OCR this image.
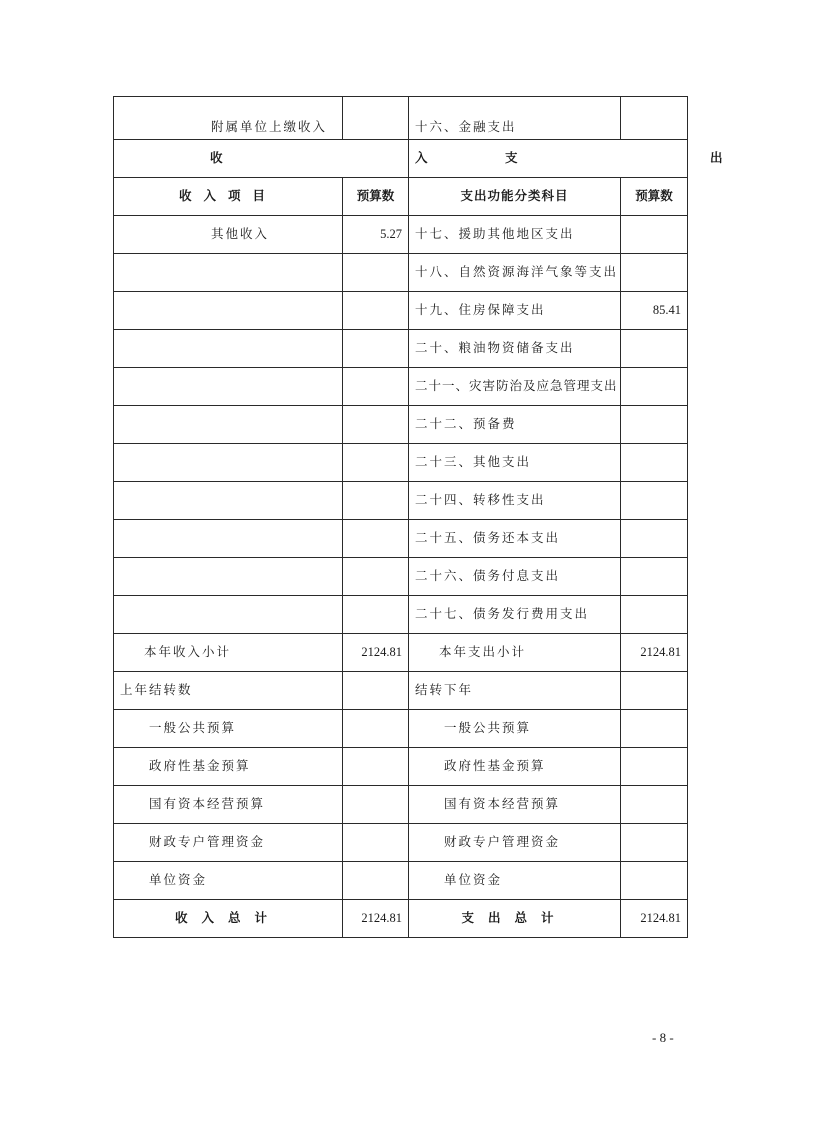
附属单位上缴收入		十六、金融支出	
收　入		支　出	
收入项目	预算数	支出功能分类科目	预算数
其他收入	5.27	十七、援助其他地区支出	
		十八、自然资源海洋气象等支出	
		十九、住房保障支出	85.41
		二十、粮油物资储备支出	
		二十一、灾害防治及应急管理支出	
		二十二、预备费	
		二十三、其他支出	
		二十四、转移性支出	
		二十五、债务还本支出	
		二十六、债务付息支出	
		二十七、债务发行费用支出	
本年收入小计	2124.81	本年支出小计	2124.81
上年结转数		结转下年	
一般公共预算		一般公共预算	
政府性基金预算		政府性基金预算	
国有资本经营预算		国有资本经营预算	
财政专户管理资金		财政专户管理资金	
单位资金		单位资金	
收入总计	2124.81	支出总计	2124.81
- 8 -
